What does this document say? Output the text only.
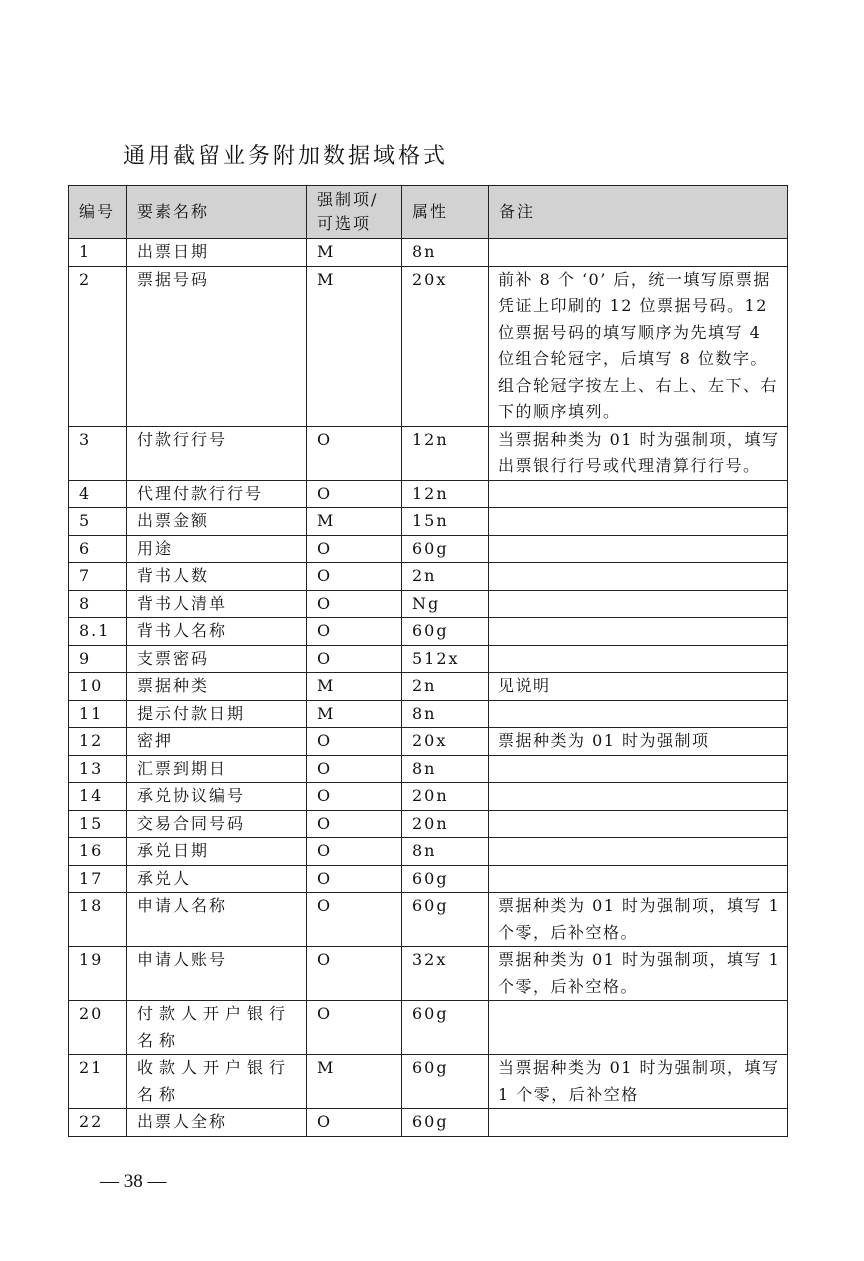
通用截留业务附加数据域格式
编号	要素名称	强制项/可选项	属性	备注
1	出票日期	M	8n	
2	票据号码	M	20x	前补 8 个 ‘0’ 后，统一填写原票据凭证上印刷的 12 位票据号码。12 位票据号码的填写顺序为先填写 4 位组合轮冠字，后填写 8 位数字。组合轮冠字按左上、右上、左下、右下的顺序填列。
3	付款行行号	O	12n	当票据种类为 01 时为强制项，填写出票银行行号或代理清算行行号。
4	代理付款行行号	O	12n	
5	出票金额	M	15n	
6	用途	O	60g	
7	背书人数	O	2n	
8	背书人清单	O	Ng	
8.1	背书人名称	O	60g	
9	支票密码	O	512x	
10	票据种类	M	2n	见说明
11	提示付款日期	M	8n	
12	密押	O	20x	票据种类为 01 时为强制项
13	汇票到期日	O	8n	
14	承兑协议编号	O	20n	
15	交易合同号码	O	20n	
16	承兑日期	O	8n	
17	承兑人	O	60g	
18	申请人名称	O	60g	票据种类为 01 时为强制项，填写 1 个零，后补空格。
19	申请人账号	O	32x	票据种类为 01 时为强制项，填写 1 个零，后补空格。
20	付款人开户银行名称	O	60g	
21	收款人开户银行名称	M	60g	当票据种类为 01 时为强制项，填写 1 个零，后补空格
22	出票人全称	O	60g	
— 38 —
